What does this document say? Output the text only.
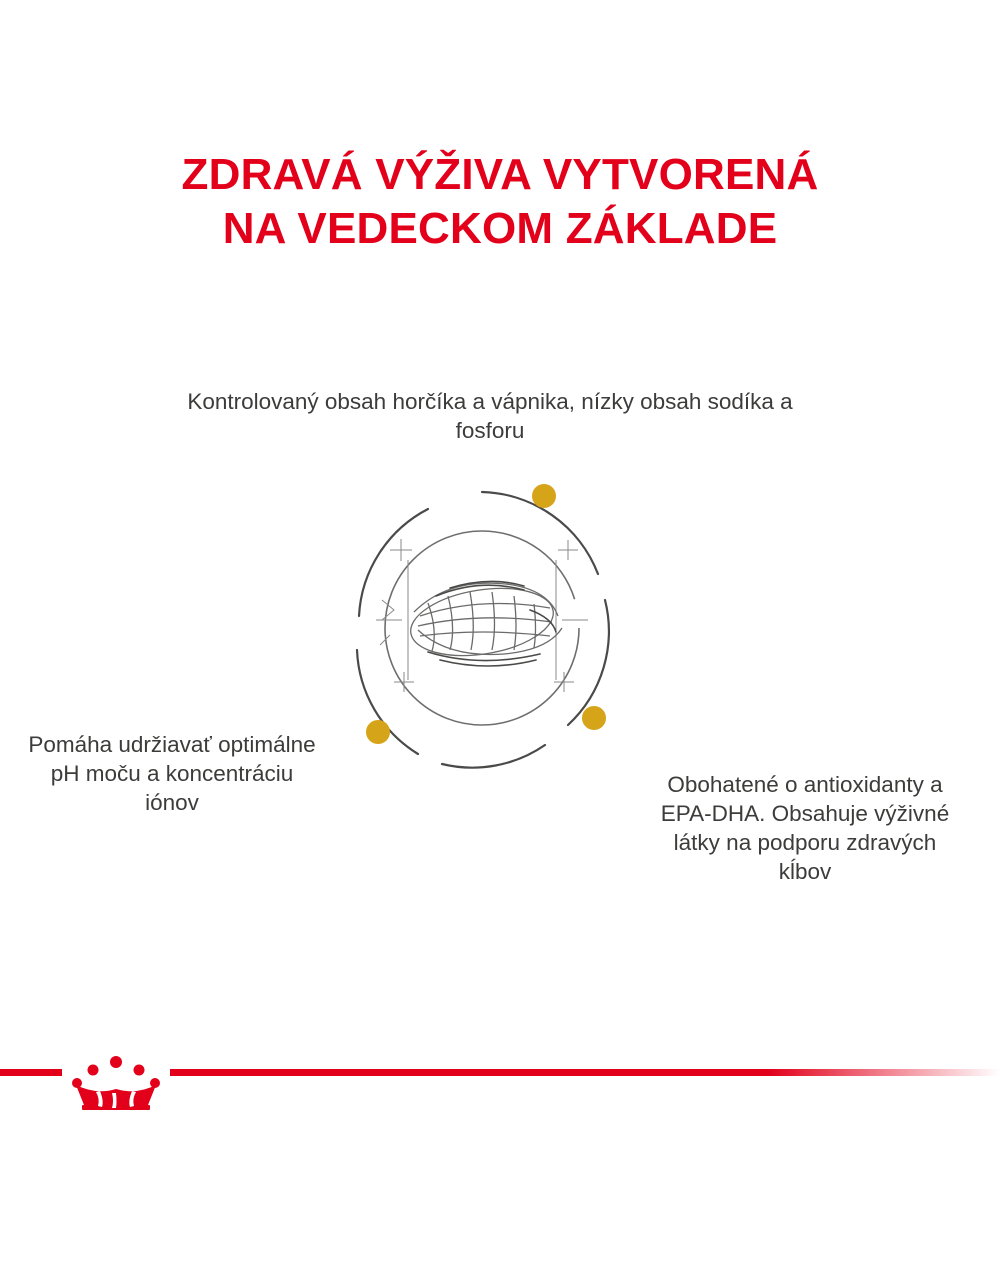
ZDRAVÁ VÝŽIVA VYTVORENÁ
NA VEDECKOM ZÁKLADE
Kontrolovaný obsah horčíka a vápnika, nízky obsah sodíka a fosforu
Pomáha udržiavať optimálne pH moču a koncentráciu iónov
Obohatené o antioxidanty a EPA-DHA. Obsahuje výživné látky na podporu zdravých kĺbov
